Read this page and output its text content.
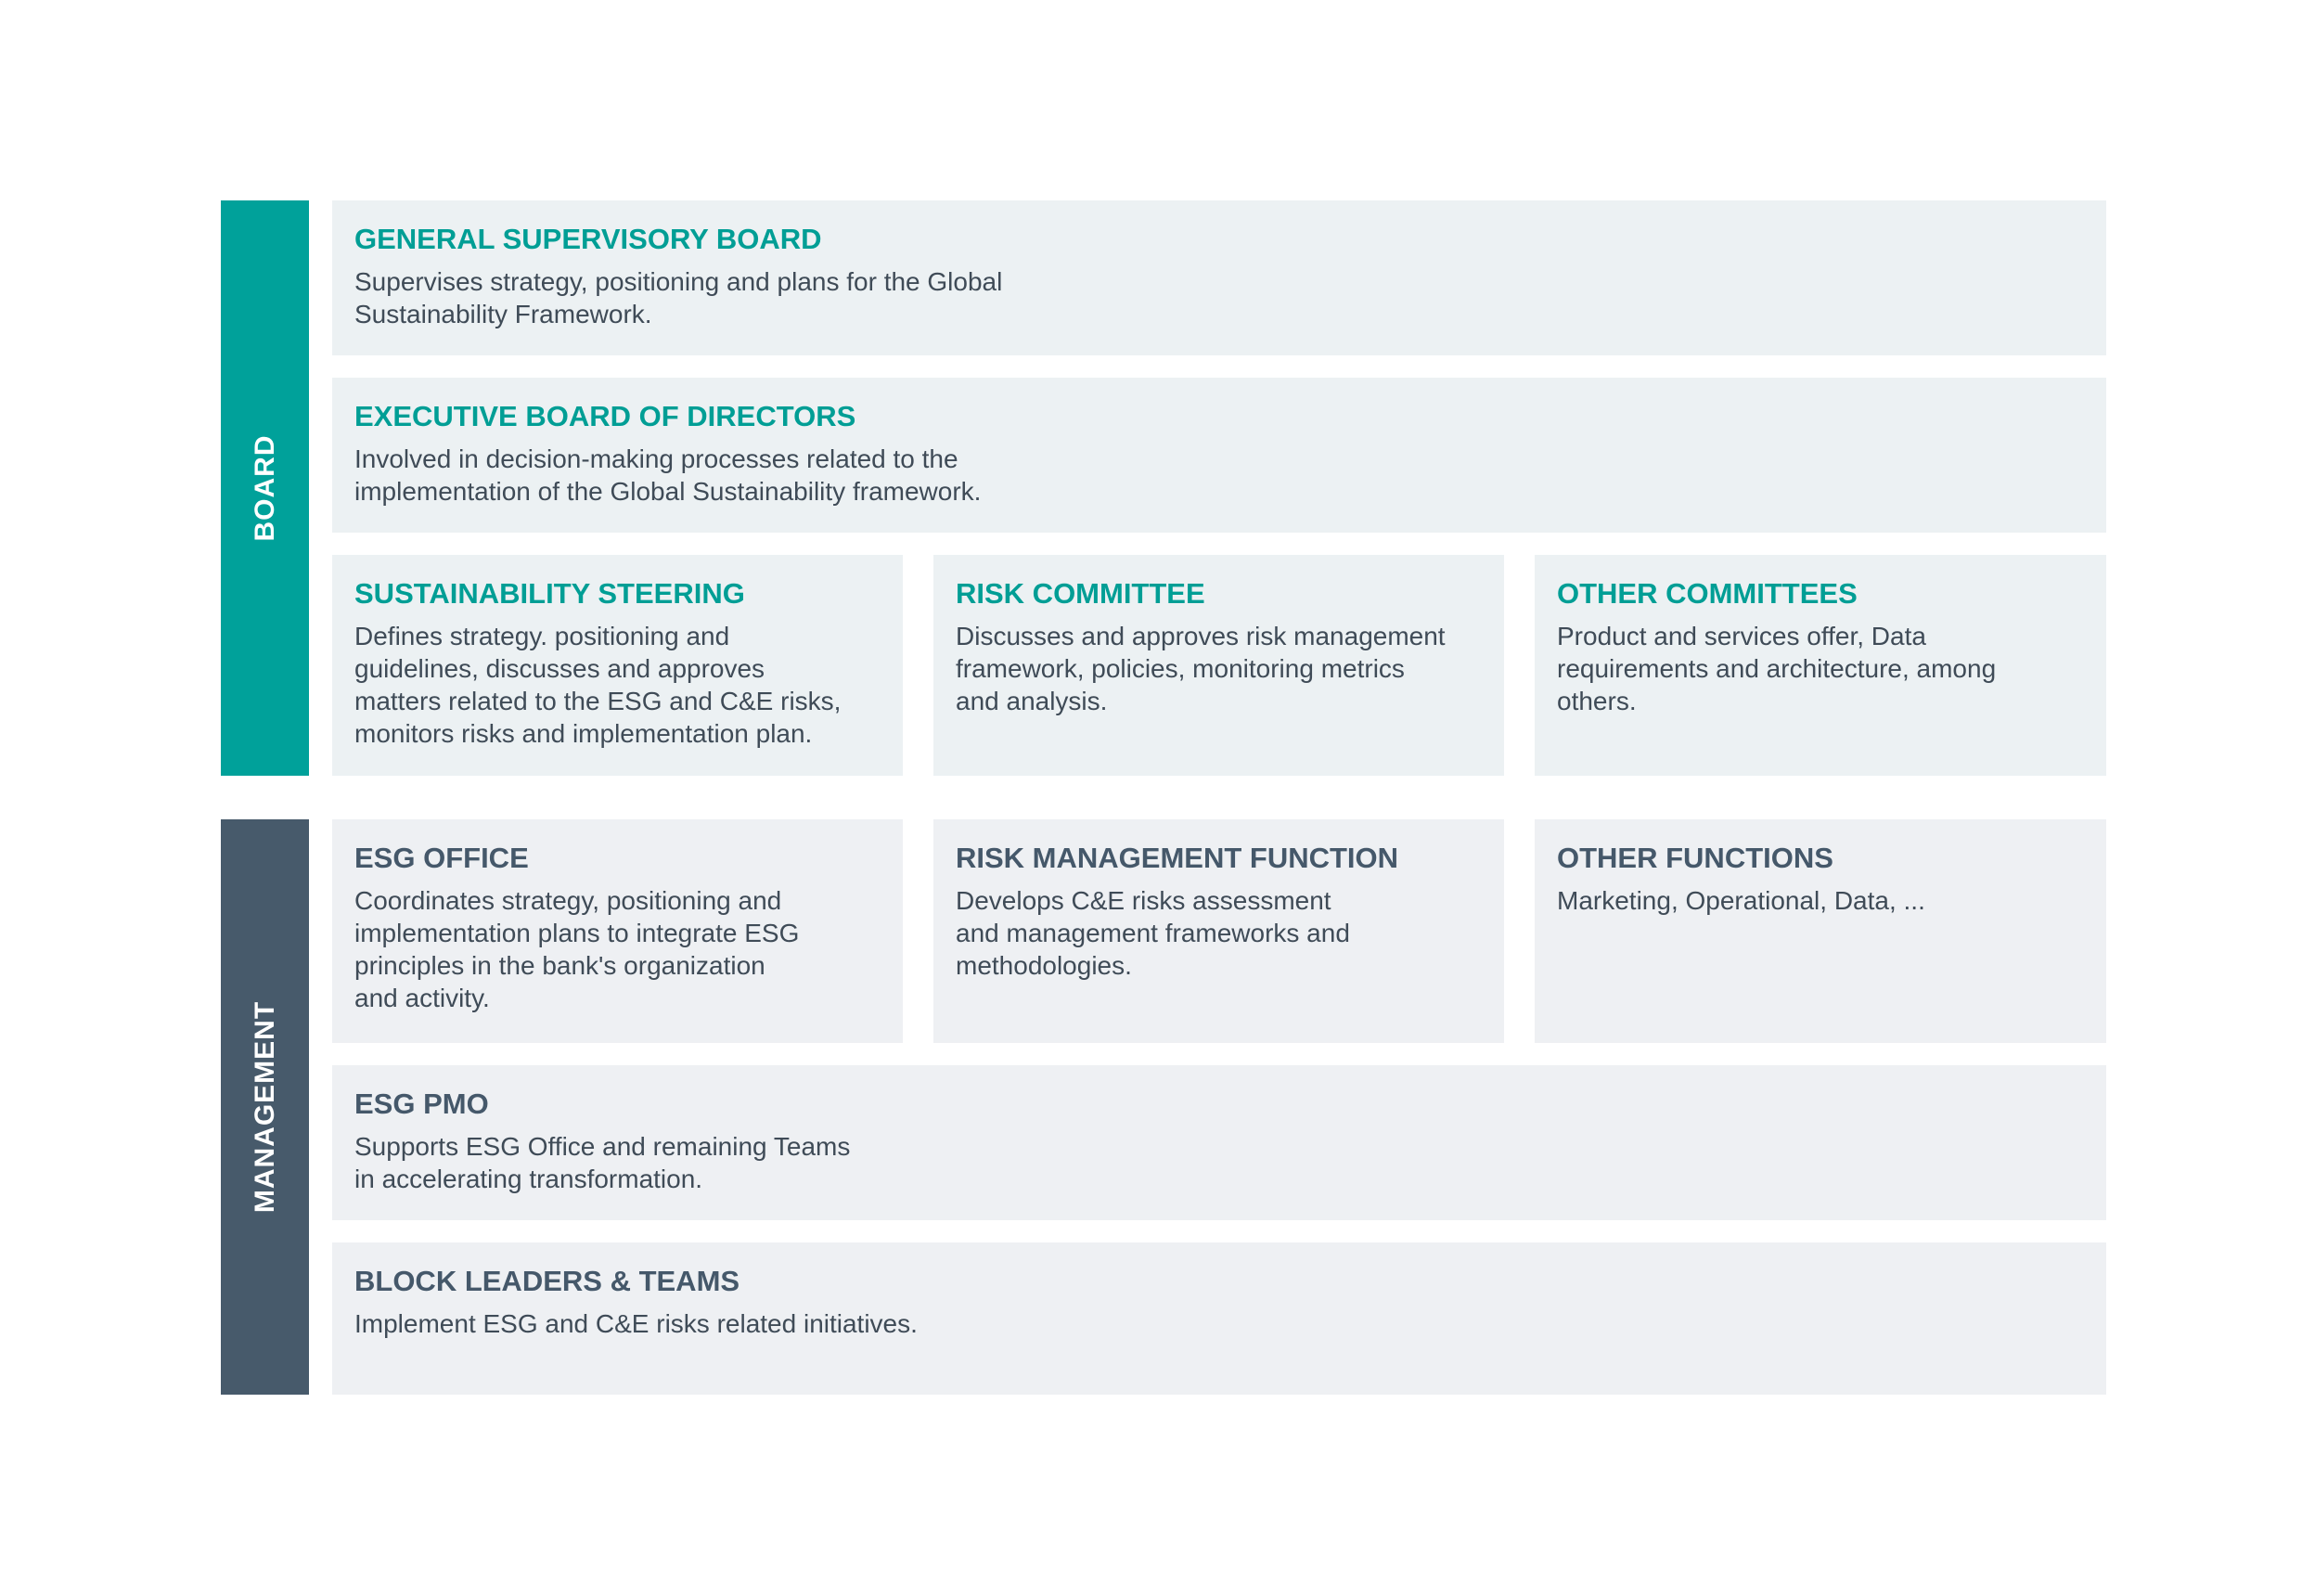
BOARD
GENERAL SUPERVISORY BOARD
Supervises strategy, positioning and plans for the Global
Sustainability Framework.
EXECUTIVE BOARD OF DIRECTORS
Involved in decision-making processes related to the
implementation of the Global Sustainability framework.
SUSTAINABILITY STEERING
Defines strategy. positioning and
guidelines, discusses and approves
matters related to the ESG and C&E risks,
monitors risks and implementation plan.
RISK COMMITTEE
Discusses and approves risk management
framework, policies, monitoring metrics
and analysis.
OTHER COMMITTEES
Product and services offer, Data
requirements and architecture, among
others.
MANAGEMENT
ESG OFFICE
Coordinates strategy, positioning and
implementation plans to integrate ESG
principles in the bank's organization
and activity.
RISK MANAGEMENT FUNCTION
Develops C&E risks assessment
and management frameworks and
methodologies.
OTHER FUNCTIONS
Marketing, Operational, Data, ...
ESG PMO
Supports ESG Office and remaining Teams
in accelerating transformation.
BLOCK LEADERS & TEAMS
Implement ESG and C&E risks related initiatives.
